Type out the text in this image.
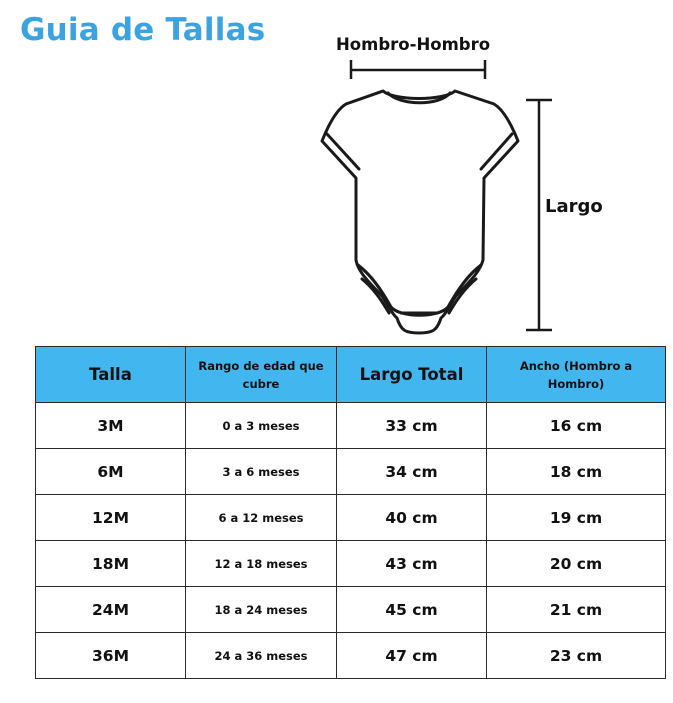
Guia de Tallas	Hombro-Hombro
Largo
Talla	Rango de edad que cubre	Largo Total	Ancho (Hombro a Hombro)
3M	0 a 3 meses	33 cm	16 cm
6M	3 a 6 meses	34 cm	18 cm
12M	6 a 12 meses	40 cm	19 cm
18M	12 a 18 meses	43 cm	20 cm
24M	18 a 24 meses	45 cm	21 cm
36M	24 a 36 meses	47 cm	23 cm
